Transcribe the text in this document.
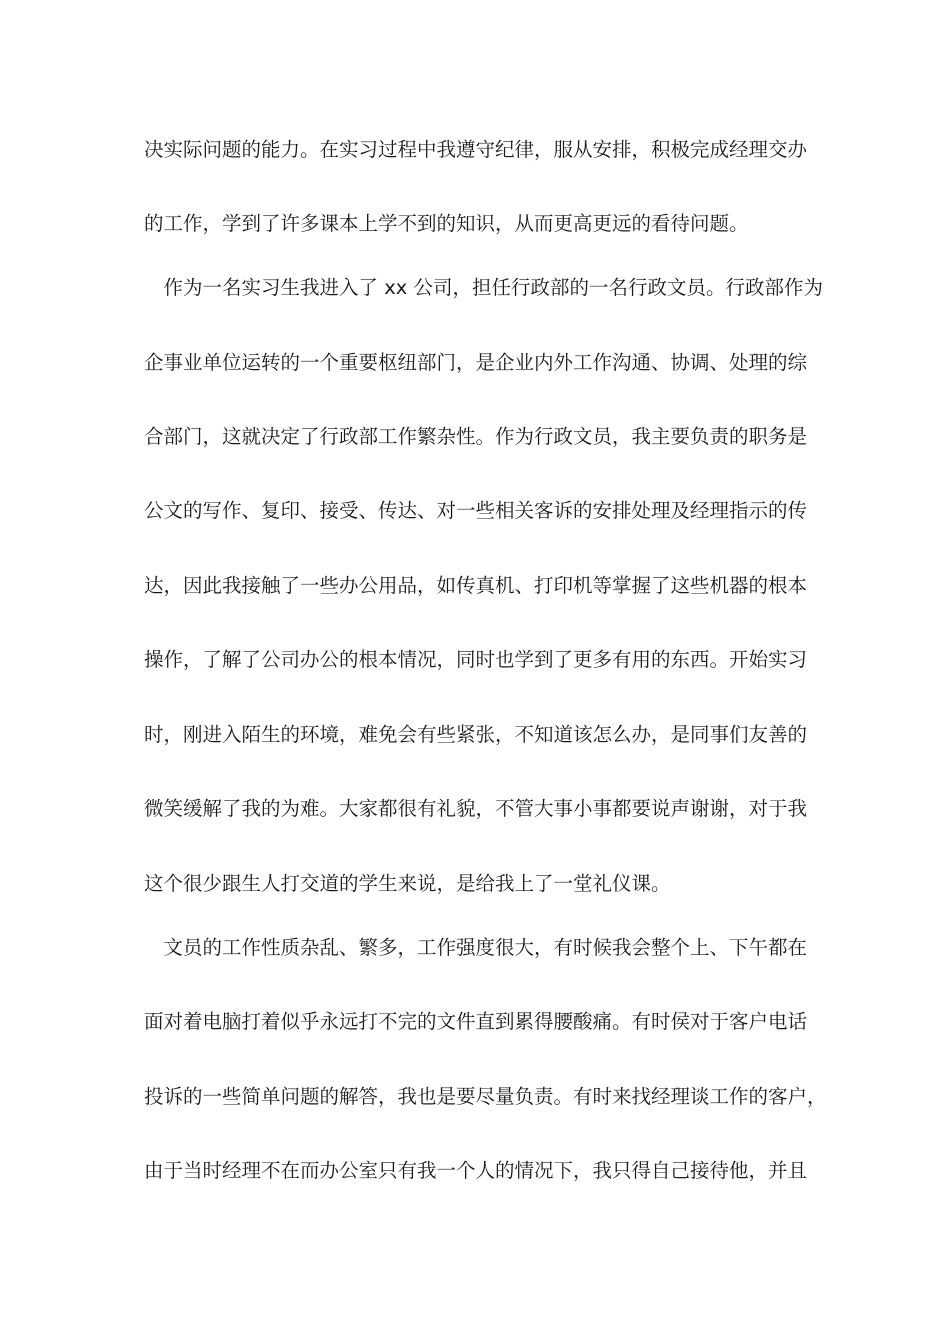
决实际问题的能力。在实习过程中我遵守纪律，服从安排，积极完成经理交办
的工作，学到了许多课本上学不到的知识，从而更高更远的看待问题。
　作为一名实习生我进入了 xx 公司，担任行政部的一名行政文员。行政部作为
企事业单位运转的一个重要枢纽部门，是企业内外工作沟通、协调、处理的综
合部门，这就决定了行政部工作繁杂性。作为行政文员，我主要负责的职务是
公文的写作、复印、接受、传达、对一些相关客诉的安排处理及经理指示的传
达，因此我接触了一些办公用品，如传真机、打印机等掌握了这些机器的根本
操作，了解了公司办公的根本情况，同时也学到了更多有用的东西。开始实习
时，刚进入陌生的环境，难免会有些紧张，不知道该怎么办，是同事们友善的
微笑缓解了我的为难。大家都很有礼貌，不管大事小事都要说声谢谢，对于我
这个很少跟生人打交道的学生来说，是给我上了一堂礼仪课。
　文员的工作性质杂乱、繁多，工作强度很大，有时候我会整个上、下午都在
面对着电脑打着似乎永远打不完的文件直到累得腰酸痛。有时侯对于客户电话
投诉的一些简单问题的解答，我也是要尽量负责。有时来找经理谈工作的客户，
由于当时经理不在而办公室只有我一个人的情况下，我只得自己接待他，并且
